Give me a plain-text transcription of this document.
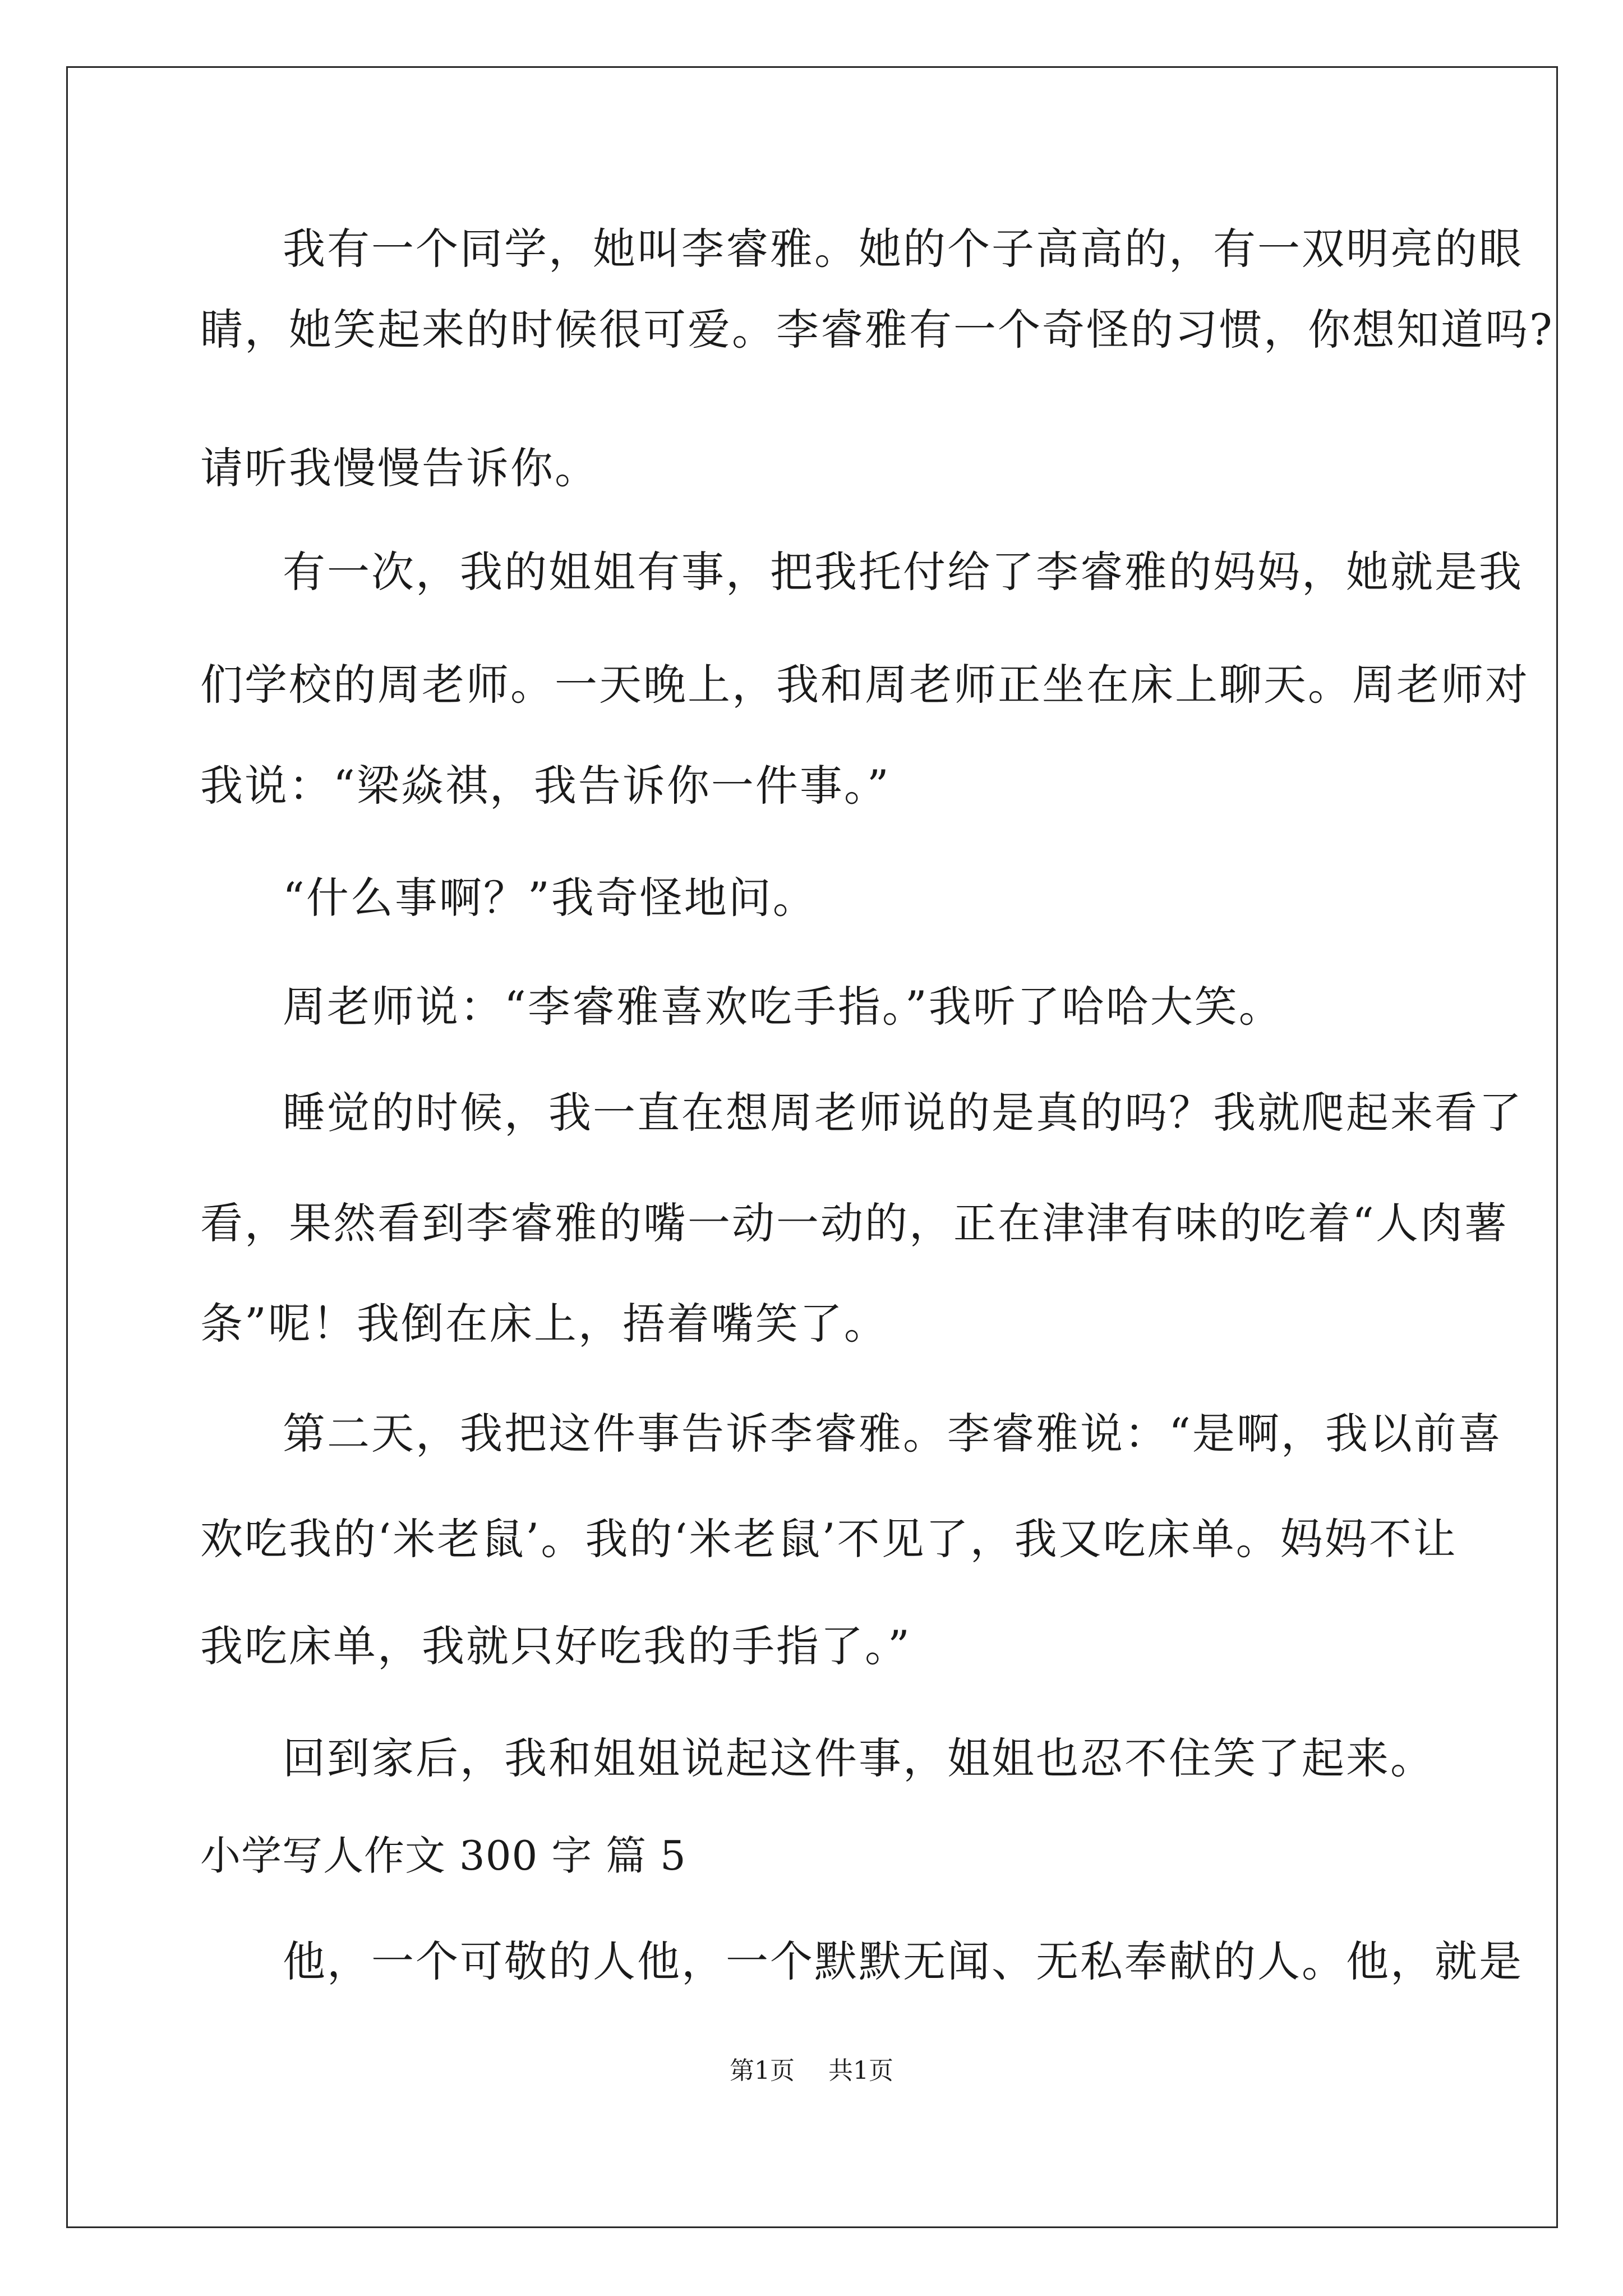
我有一个同学，她叫李睿雅。她的个子高高的，有一双明亮的眼
睛，她笑起来的时候很可爱。李睿雅有一个奇怪的习惯，你想知道吗?
请听我慢慢告诉你。
有一次，我的姐姐有事，把我托付给了李睿雅的妈妈，她就是我
们学校的周老师。一天晚上，我和周老师正坐在床上聊天。周老师对
我说：“梁焱祺，我告诉你一件事。”
“什么事啊？”我奇怪地问。
周老师说：“李睿雅喜欢吃手指。”我听了哈哈大笑。
睡觉的时候，我一直在想周老师说的是真的吗？我就爬起来看了
看，果然看到李睿雅的嘴一动一动的，正在津津有味的吃着“人肉薯
条”呢！我倒在床上，捂着嘴笑了。
第二天，我把这件事告诉李睿雅。李睿雅说：“是啊，我以前喜
欢吃我的‘米老鼠’。我的‘米老鼠’不见了，我又吃床单。妈妈不让
我吃床单，我就只好吃我的手指了。”
回到家后，我和姐姐说起这件事，姐姐也忍不住笑了起来。
小学写人作文 300 字 篇 5
他，一个可敬的人他，一个默默无闻、无私奉献的人。他，就是
第1页 共1页
